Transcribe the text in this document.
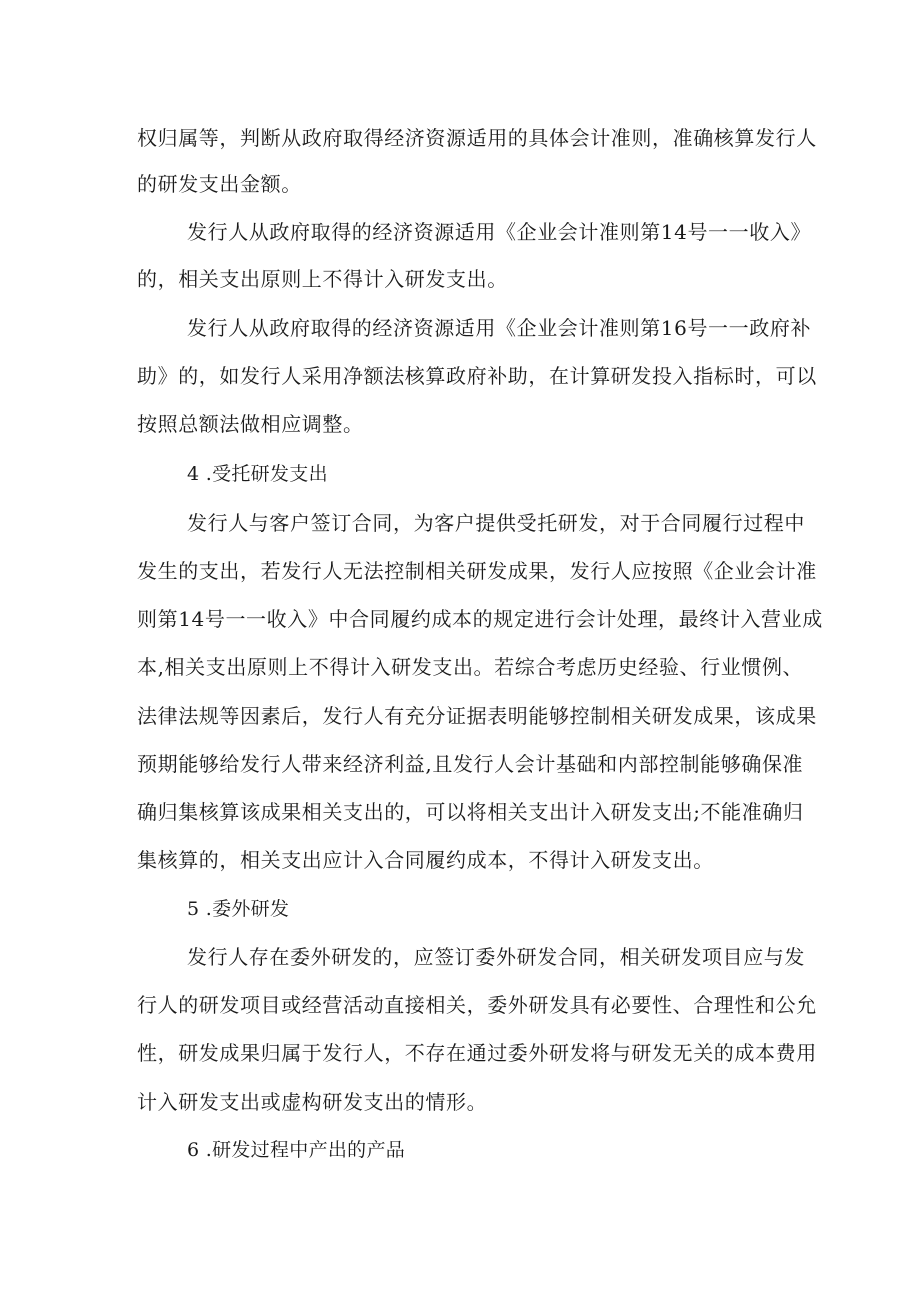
权归属等，判断从政府取得经济资源适用的具体会计准则，准确核算发行人
的研发支出金额。
发行人从政府取得的经济资源适用《企业会计准则第14号一一收入》
的，相关支出原则上不得计入研发支出。
发行人从政府取得的经济资源适用《企业会计准则第16号一一政府补
助》的，如发行人采用净额法核算政府补助，在计算研发投入指标时，可以
按照总额法做相应调整。
4 .受托研发支出
发行人与客户签订合同，为客户提供受托研发，对于合同履行过程中
发生的支出，若发行人无法控制相关研发成果，发行人应按照《企业会计准
则第14号一一收入》中合同履约成本的规定进行会计处理，最终计入营业成
本,相关支出原则上不得计入研发支出。若综合考虑历史经验、行业惯例、
法律法规等因素后，发行人有充分证据表明能够控制相关研发成果，该成果
预期能够给发行人带来经济利益,且发行人会计基础和内部控制能够确保准
确归集核算该成果相关支出的，可以将相关支出计入研发支出;不能准确归
集核算的，相关支出应计入合同履约成本，不得计入研发支出。
5 .委外研发
发行人存在委外研发的，应签订委外研发合同，相关研发项目应与发
行人的研发项目或经营活动直接相关，委外研发具有必要性、合理性和公允
性，研发成果归属于发行人，不存在通过委外研发将与研发无关的成本费用
计入研发支出或虚构研发支出的情形。
6 .研发过程中产出的产品
